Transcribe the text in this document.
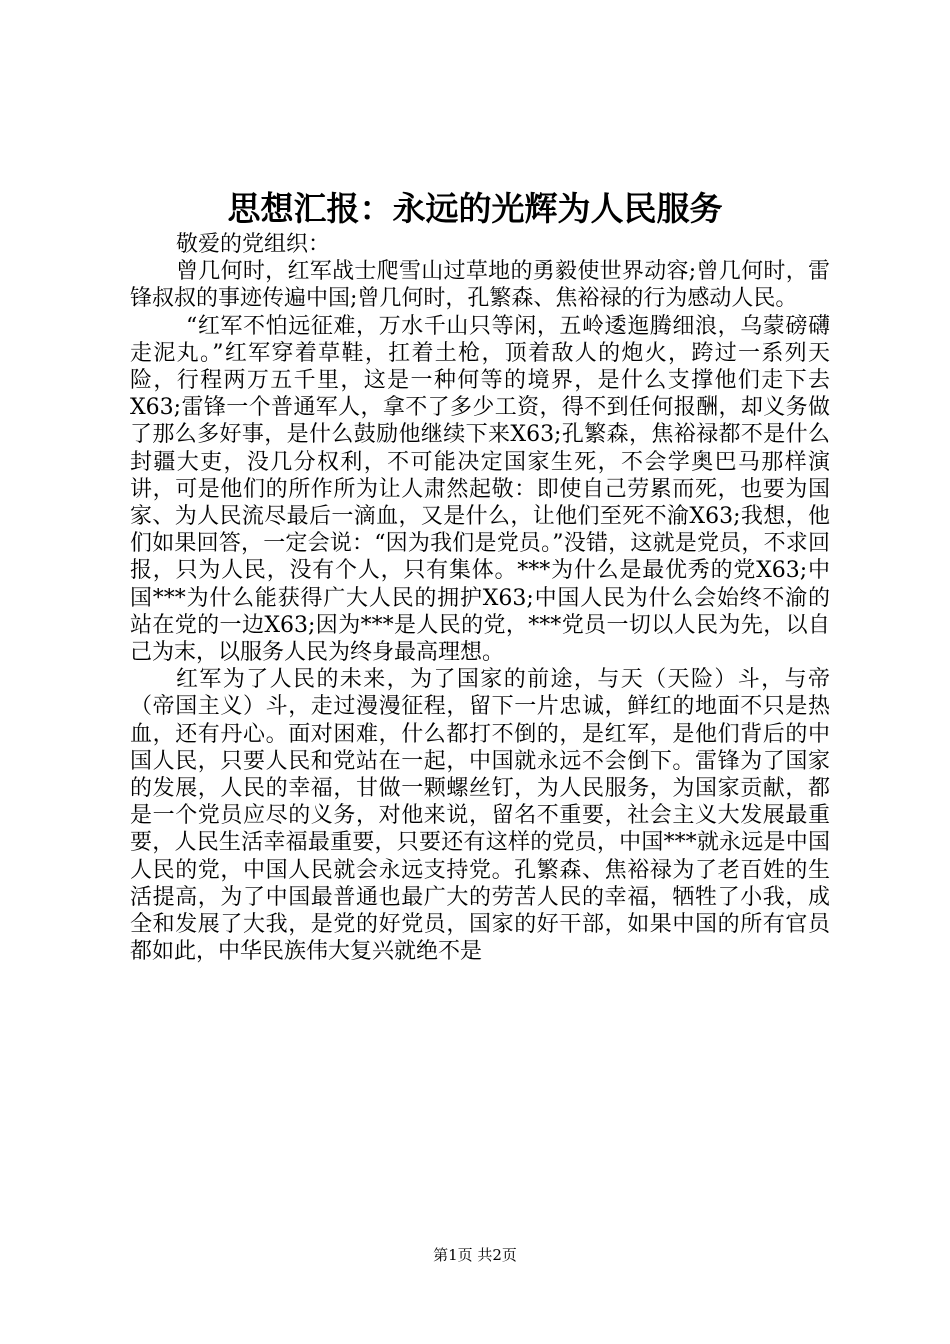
思想汇报：永远的光辉为人民服务

敬爱的党组织：

曾几何时，红军战士爬雪山过草地的勇毅使世界动容;曾几何时，雷锋叔叔的事迹传遍中国;曾几何时，孔繁森、焦裕禄的行为感动人民。

“红军不怕远征难，万水千山只等闲，五岭逶迤腾细浪，乌蒙磅礴走泥丸。”红军穿着草鞋，扛着土枪，顶着敌人的炮火，跨过一系列天险，行程两万五千里，这是一种何等的境界，是什么支撑他们走下去X63;雷锋一个普通军人，拿不了多少工资，得不到任何报酬，却义务做了那么多好事，是什么鼓励他继续下来X63;孔繁森，焦裕禄都不是什么封疆大吏，没几分权利，不可能决定国家生死，不会学奥巴马那样演讲，可是他们的所作所为让人肃然起敬：即使自己劳累而死，也要为国家、为人民流尽最后一滴血，又是什么，让他们至死不渝X63;我想，他们如果回答，一定会说：“因为我们是党员。”没错，这就是党员，不求回报，只为人民，没有个人，只有集体。***为什么是最优秀的党X63;中国***为什么能获得广大人民的拥护X63;中国人民为什么会始终不渝的站在党的一边X63;因为***是人民的党，***党员一切以人民为先，以自己为末，以服务人民为终身最高理想。

红军为了人民的未来，为了国家的前途，与天（天险）斗，与帝（帝国主义）斗，走过漫漫征程，留下一片忠诚，鲜红的地面不只是热血，还有丹心。面对困难，什么都打不倒的，是红军，是他们背后的中国人民，只要人民和党站在一起，中国就永远不会倒下。雷锋为了国家的发展，人民的幸福，甘做一颗螺丝钉，为人民服务，为国家贡献，都是一个党员应尽的义务，对他来说，留名不重要，社会主义大发展最重要，人民生活幸福最重要，只要还有这样的党员，中国***就永远是中国人民的党，中国人民就会永远支持党。孔繁森、焦裕禄为了老百姓的生活提高，为了中国最普通也最广大的劳苦人民的幸福，牺牲了小我，成全和发展了大我，是党的好党员，国家的好干部，如果中国的所有官员都如此，中华民族伟大复兴就绝不是

第1页 共2页
